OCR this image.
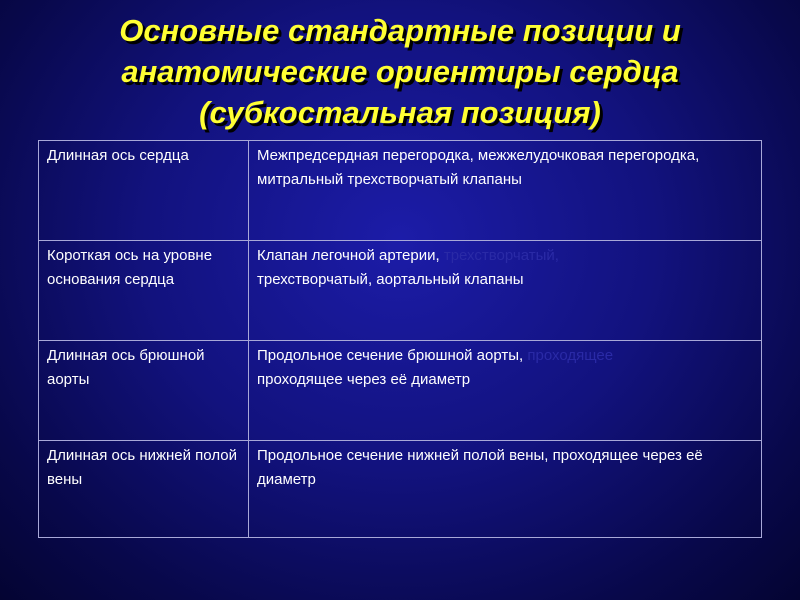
Основные стандартные позиции и
анатомические ориентиры сердца
(субкостальная позиция)
Длинная ось сердца	Межпредсердная перегородка, межжелудочковая перегородка, митральный трехстворчатый клапаны
Короткая ось на уровне основания сердца	Клапан легочной артерии, трехстворчатый,
трехстворчатый, аортальный клапаны
Длинная ось брюшной аорты	Продольное сечение брюшной аорты, проходящее
проходящее через её диаметр
Длинная ось нижней полой вены	Продольное сечение нижней полой вены, проходящее через её диаметр
